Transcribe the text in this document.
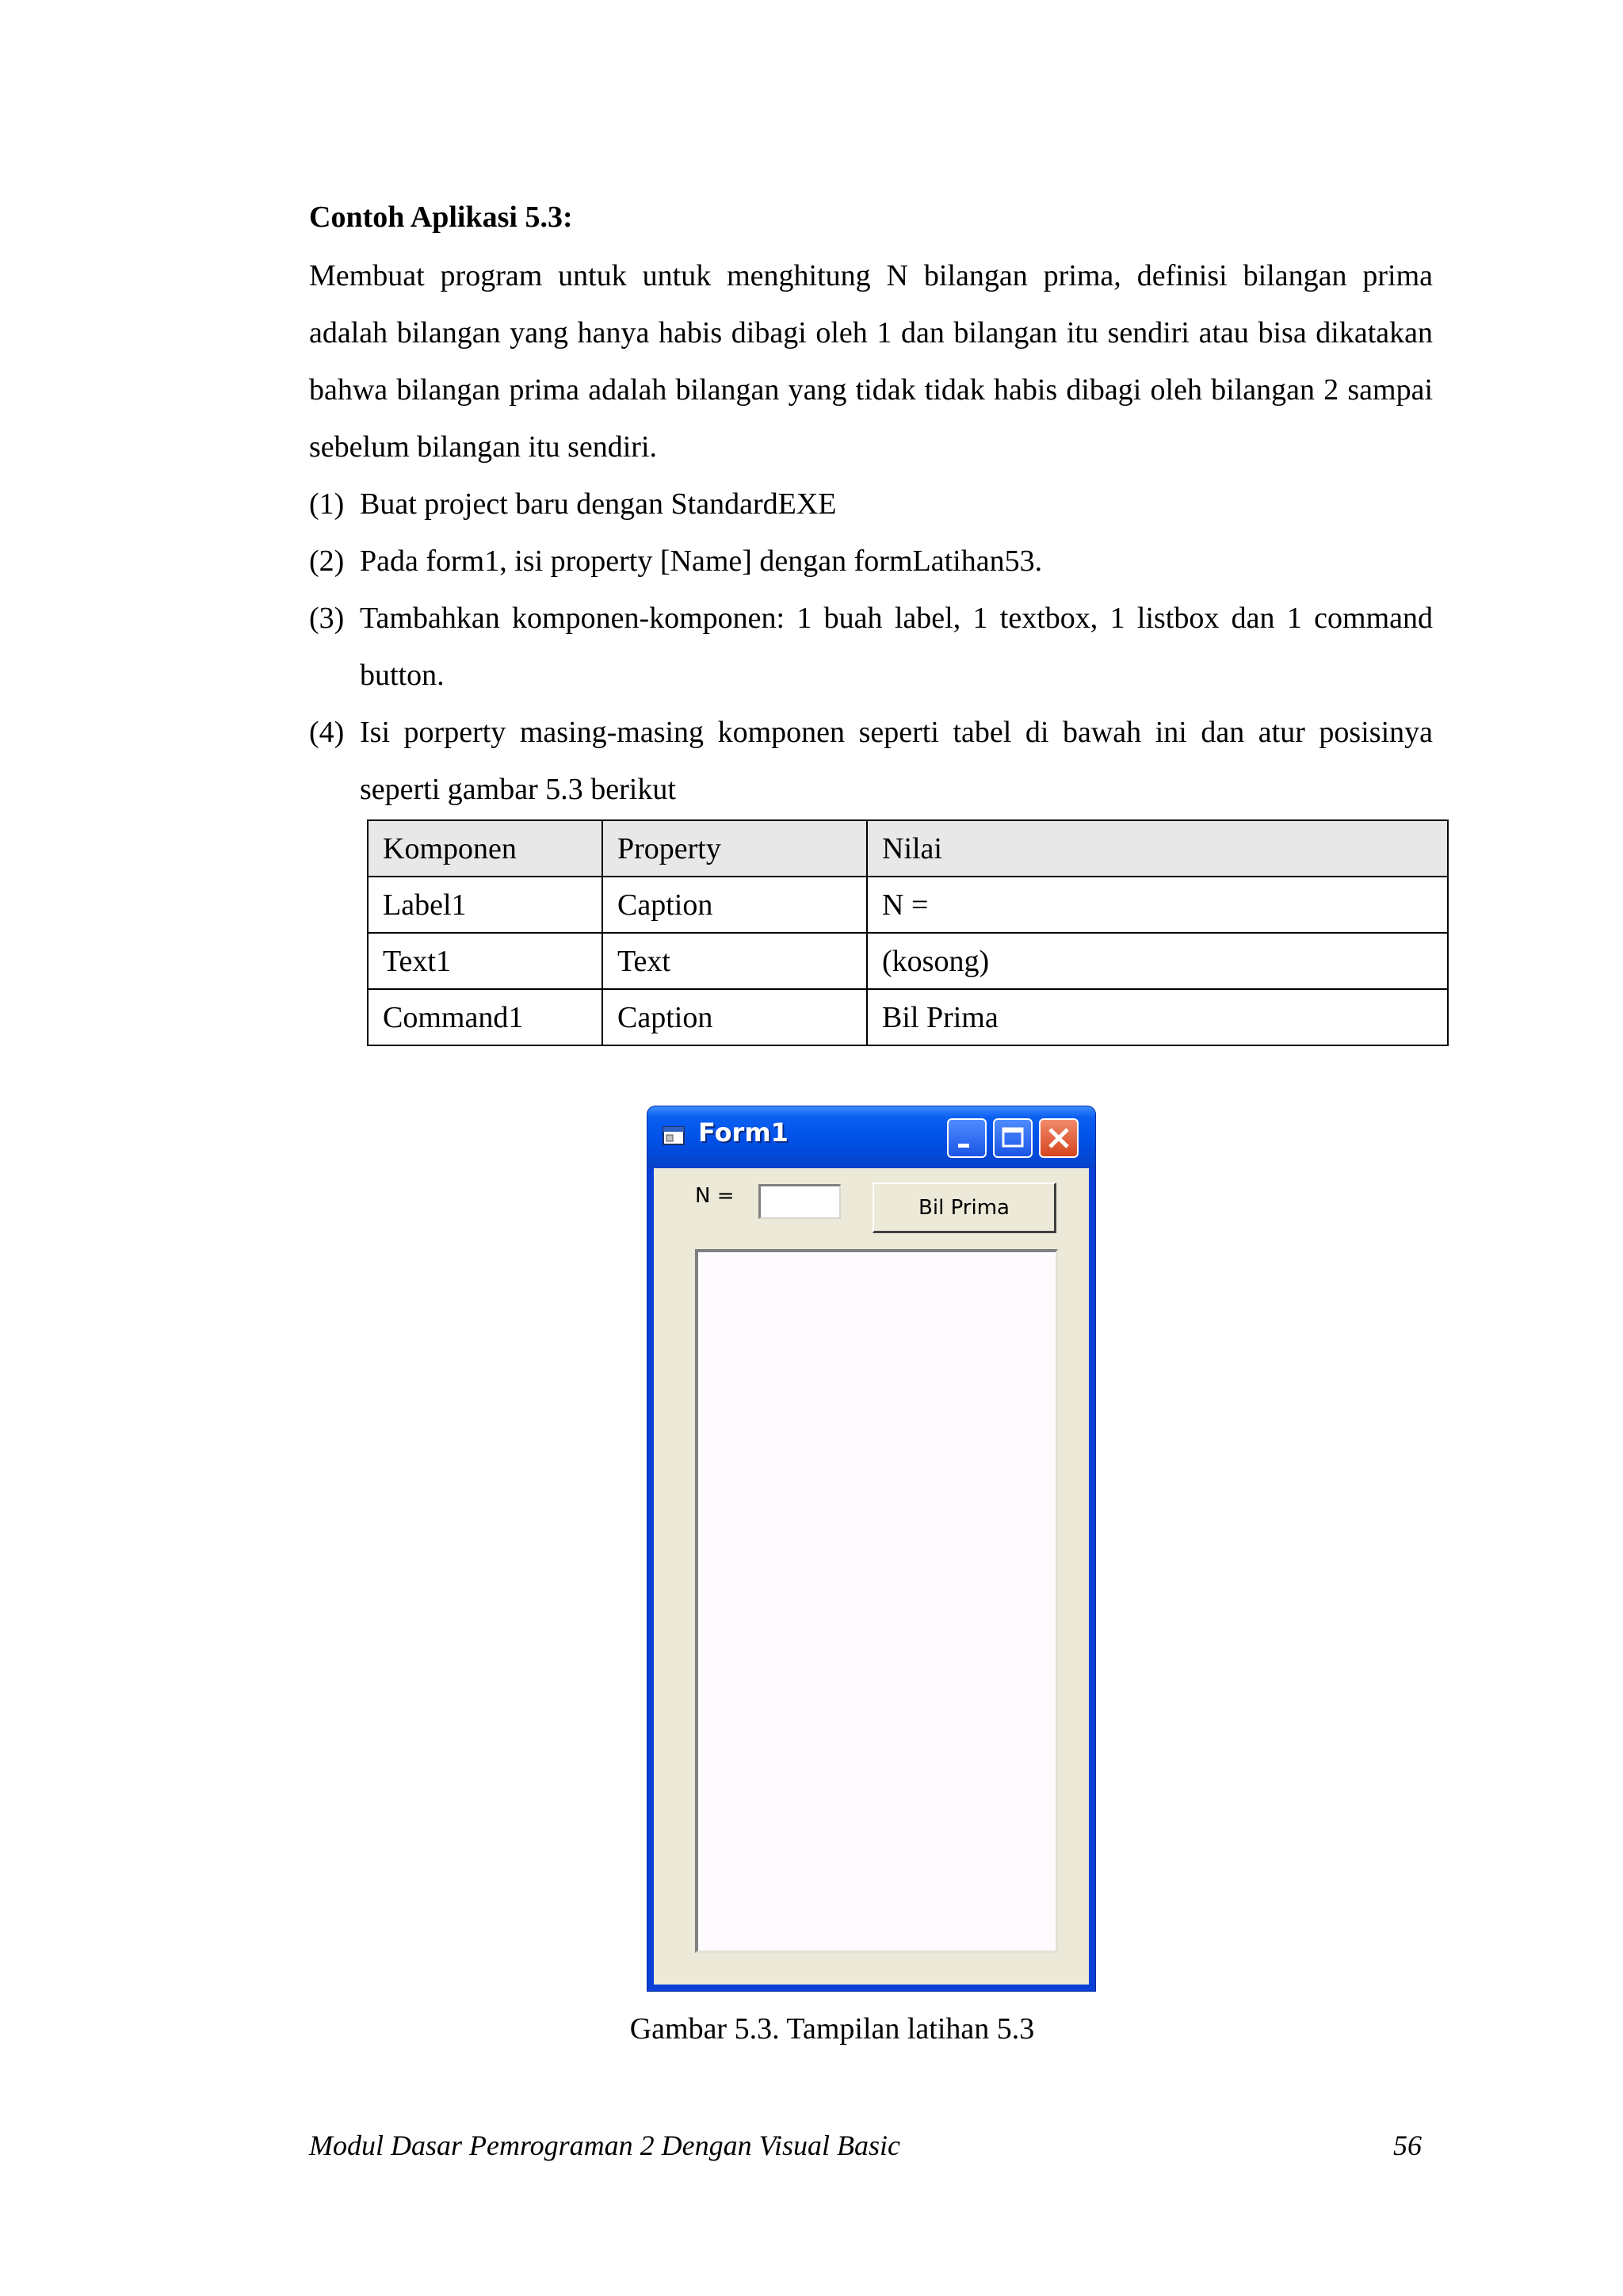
Contoh Aplikasi 5.3:

Membuat program untuk untuk menghitung N bilangan prima, definisi bilangan prima adalah bilangan yang hanya habis dibagi oleh 1 dan bilangan itu sendiri atau bisa dikatakan bahwa bilangan prima adalah bilangan yang tidak tidak habis dibagi oleh bilangan 2 sampai sebelum bilangan itu sendiri.

(1) Buat project baru dengan StandardEXE
(2) Pada form1, isi property [Name] dengan formLatihan53.
(3) Tambahkan komponen-komponen: 1 buah label, 1 textbox, 1 listbox dan 1 command button.
(4) Isi porperty masing-masing komponen seperti tabel di bawah ini dan atur posisinya seperti gambar 5.3 berikut
Komponen	Property	Nilai
Label1	Caption	N =
Text1	Text	(kosong)
Command1	Caption	Bil Prima
Form1
N =	Bil Prima
Gambar 5.3. Tampilan latihan 5.3
Modul Dasar Pemrograman 2 Dengan Visual Basic	56
